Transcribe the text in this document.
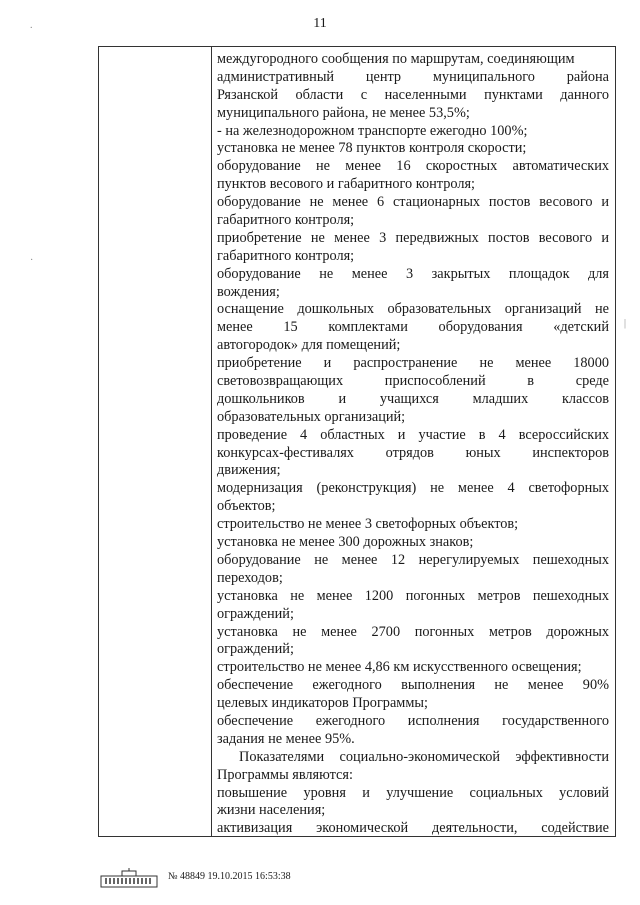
11
междугородного сообщения по маршрутам, соединяющим
административный центр муниципального района
Рязанской области с населенными пунктами данного
муниципального района, не менее 53,5%;
- на железнодорожном транспорте ежегодно 100%;
установка не менее 78 пунктов контроля скорости;
оборудование не менее 16 скоростных автоматических
пунктов весового и габаритного контроля;
оборудование не менее 6 стационарных постов весового и
габаритного контроля;
приобретение не менее 3 передвижных постов весового и
габаритного контроля;
оборудование не менее 3 закрытых площадок для
вождения;
оснащение дошкольных образовательных организаций не
менее 15 комплектами оборудования «детский
автогородок» для помещений;
приобретение и распространение не менее 18000
световозвращающих приспособлений в среде
дошкольников и учащихся младших классов
образовательных организаций;
проведение 4 областных и участие в 4 всероссийских
конкурсах-фестивалях отрядов юных инспекторов
движения;
модернизация (реконструкция) не менее 4 светофорных
объектов;
строительство не менее 3 светофорных объектов;
установка не менее 300 дорожных знаков;
оборудование не менее 12 нерегулируемых пешеходных
переходов;
установка не менее 1200 погонных метров пешеходных
ограждений;
установка не менее 2700 погонных метров дорожных
ограждений;
строительство не менее 4,86 км искусственного освещения;
обеспечение ежегодного выполнения не менее 90%
целевых индикаторов Программы;
обеспечение ежегодного исполнения государственного
задания не менее 95%.
Показателями социально-экономической эффективности
Программы являются:
повышение уровня и улучшение социальных условий
жизни населения;
активизация экономической деятельности, содействие
№ 48849 19.10.2015 16:53:38
|
.
·
